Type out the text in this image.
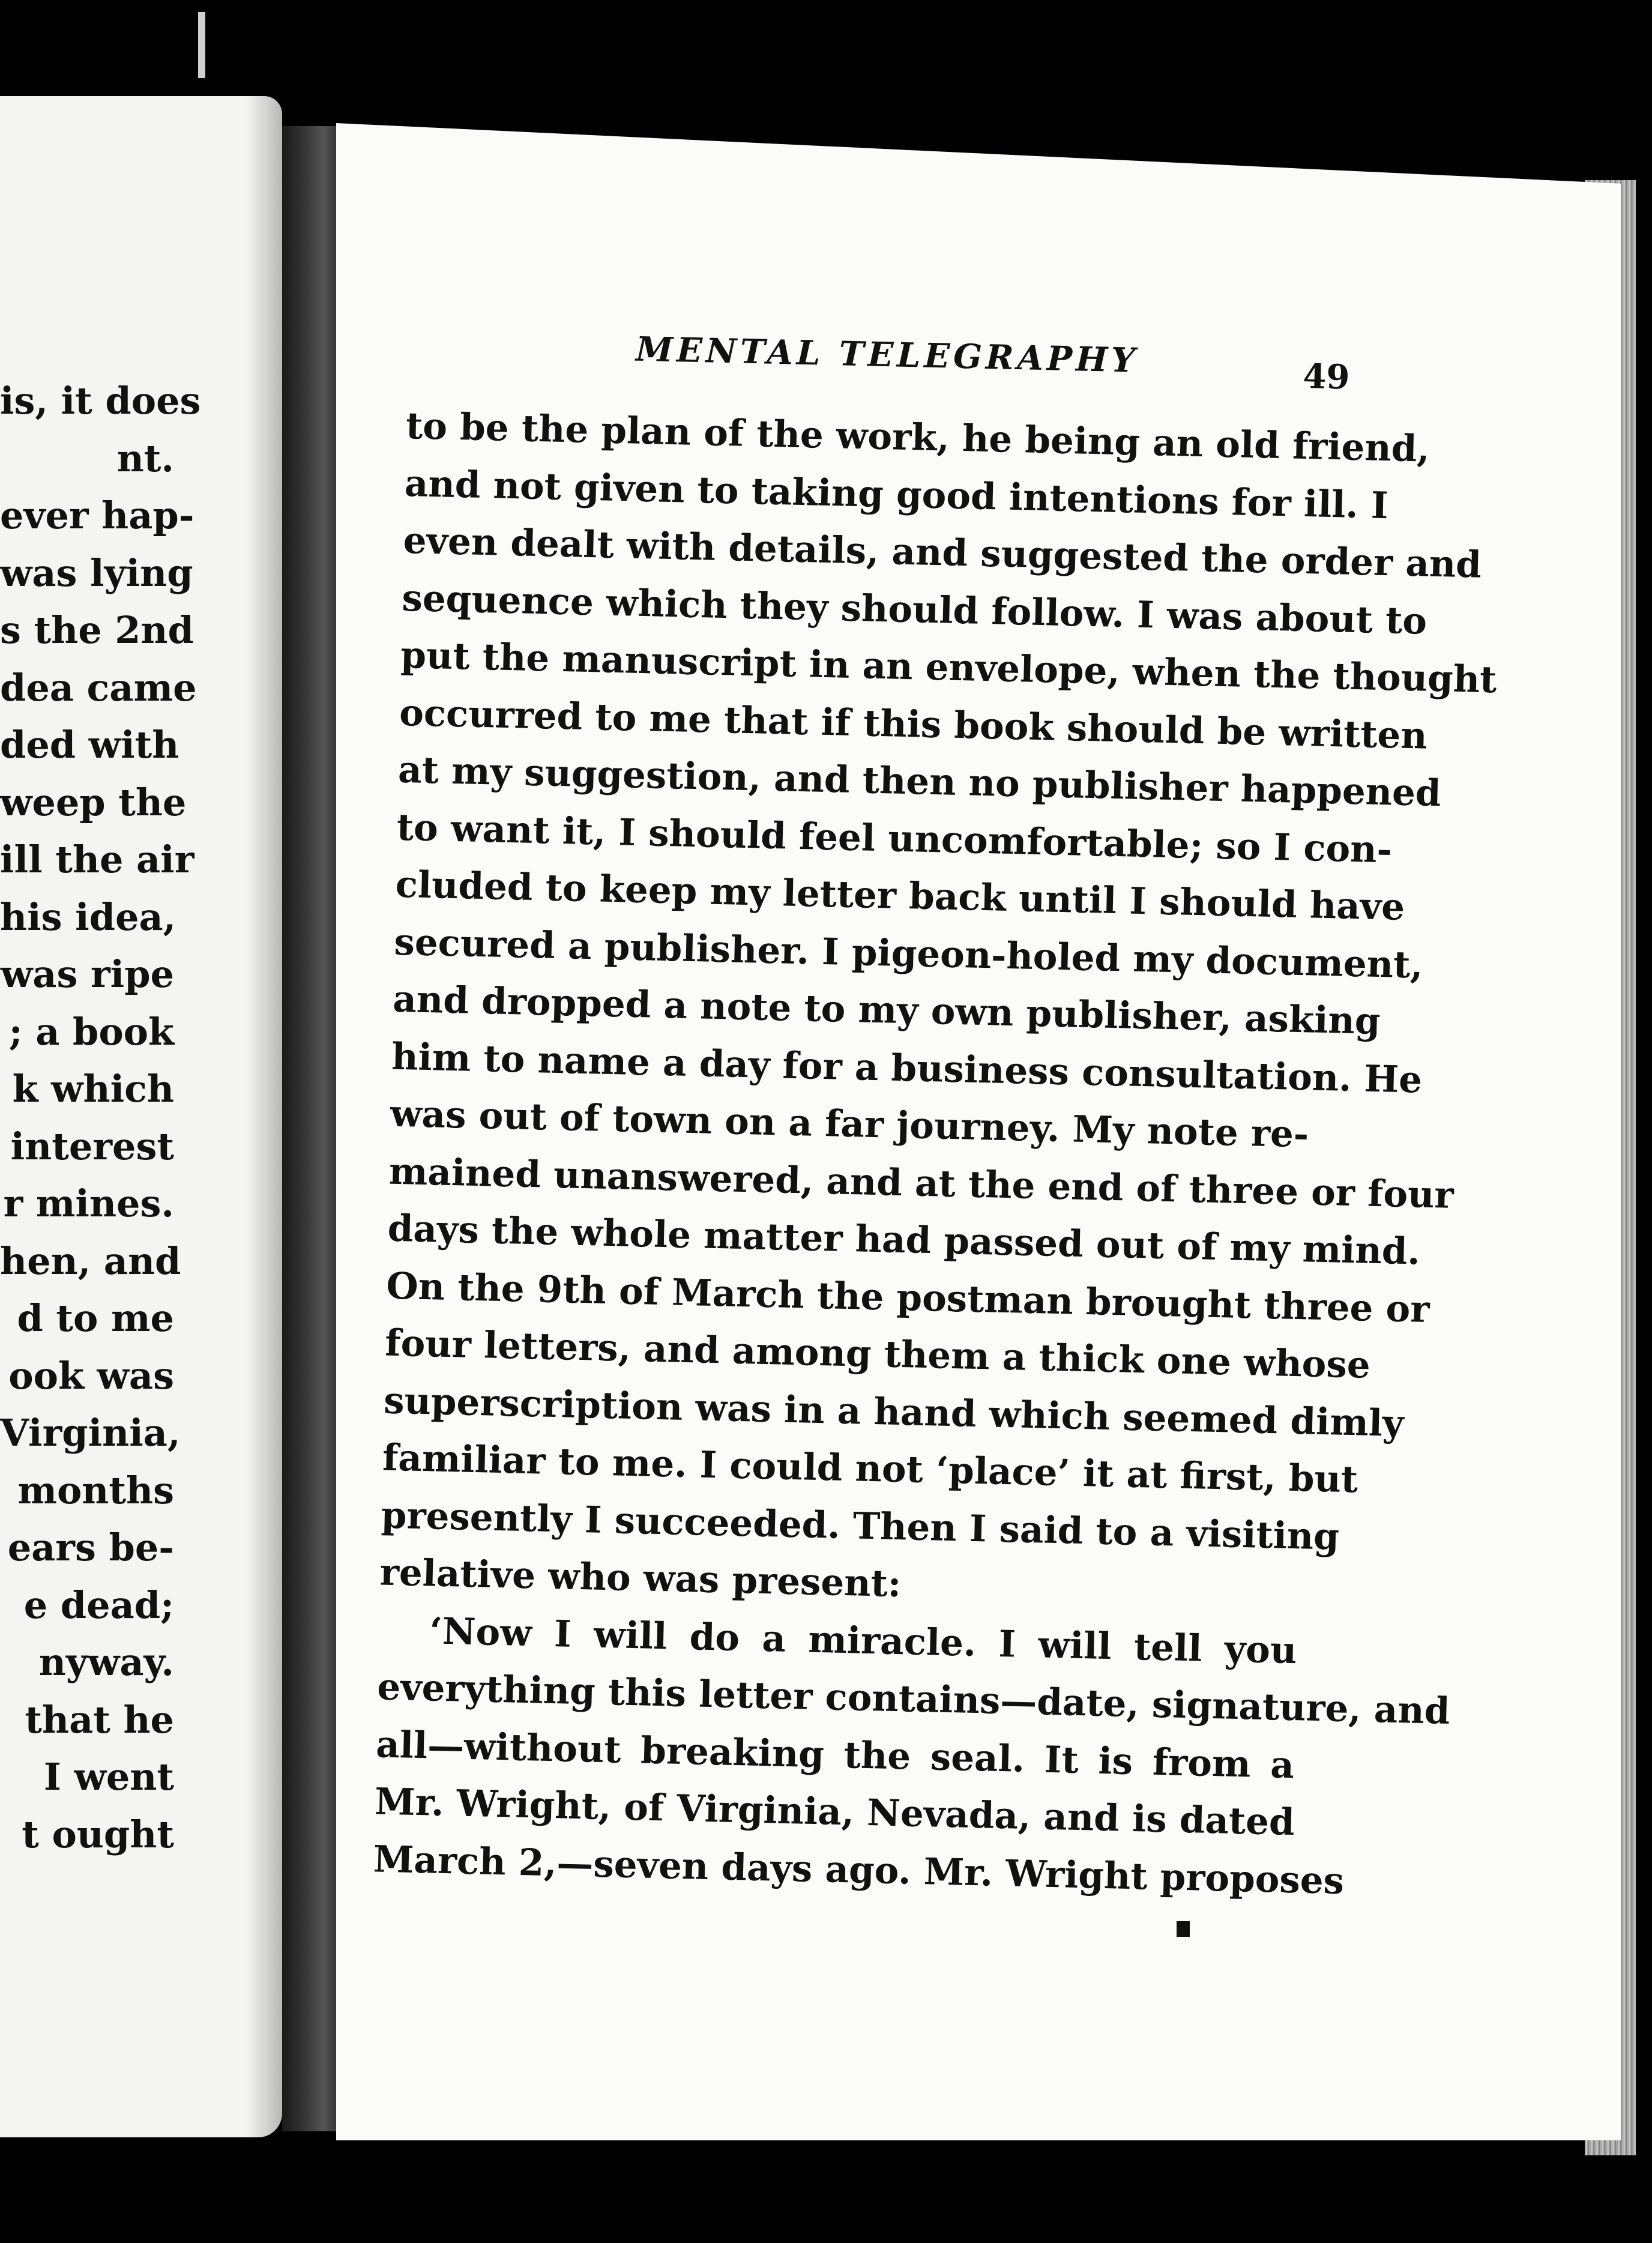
is, it does
nt.
ever hap-
was lying
s the 2nd
dea came
ded with
weep the
ill the air
his idea,
was ripe
; a book
k which
interest
r mines.
hen, and
d to me
ook was
Virginia,
months
ears be-
e dead;
nyway.
that he
I went
t ought
MENTAL TELEGRAPHY	49
to be the plan of the work, he being an old friend,
and not given to taking good intentions for ill. I
even dealt with details, and suggested the order and
sequence which they should follow. I was about to
put the manuscript in an envelope, when the thought
occurred to me that if this book should be written
at my suggestion, and then no publisher happened
to want it, I should feel uncomfortable; so I con-
cluded to keep my letter back until I should have
secured a publisher. I pigeon-holed my document,
and dropped a note to my own publisher, asking
him to name a day for a business consultation. He
was out of town on a far journey. My note re-
mained unanswered, and at the end of three or four
days the whole matter had passed out of my mind.
On the 9th of March the postman brought three or
four letters, and among them a thick one whose
superscription was in a hand which seemed dimly
familiar to me. I could not ‘place’ it at first, but
presently I succeeded. Then I said to a visiting
relative who was present:
‘Now I will do a miracle. I will tell you
everything this letter contains—date, signature, and
all—without breaking the seal. It is from a
Mr. Wright, of Virginia, Nevada, and is dated
March 2,—seven days ago. Mr. Wright proposes
